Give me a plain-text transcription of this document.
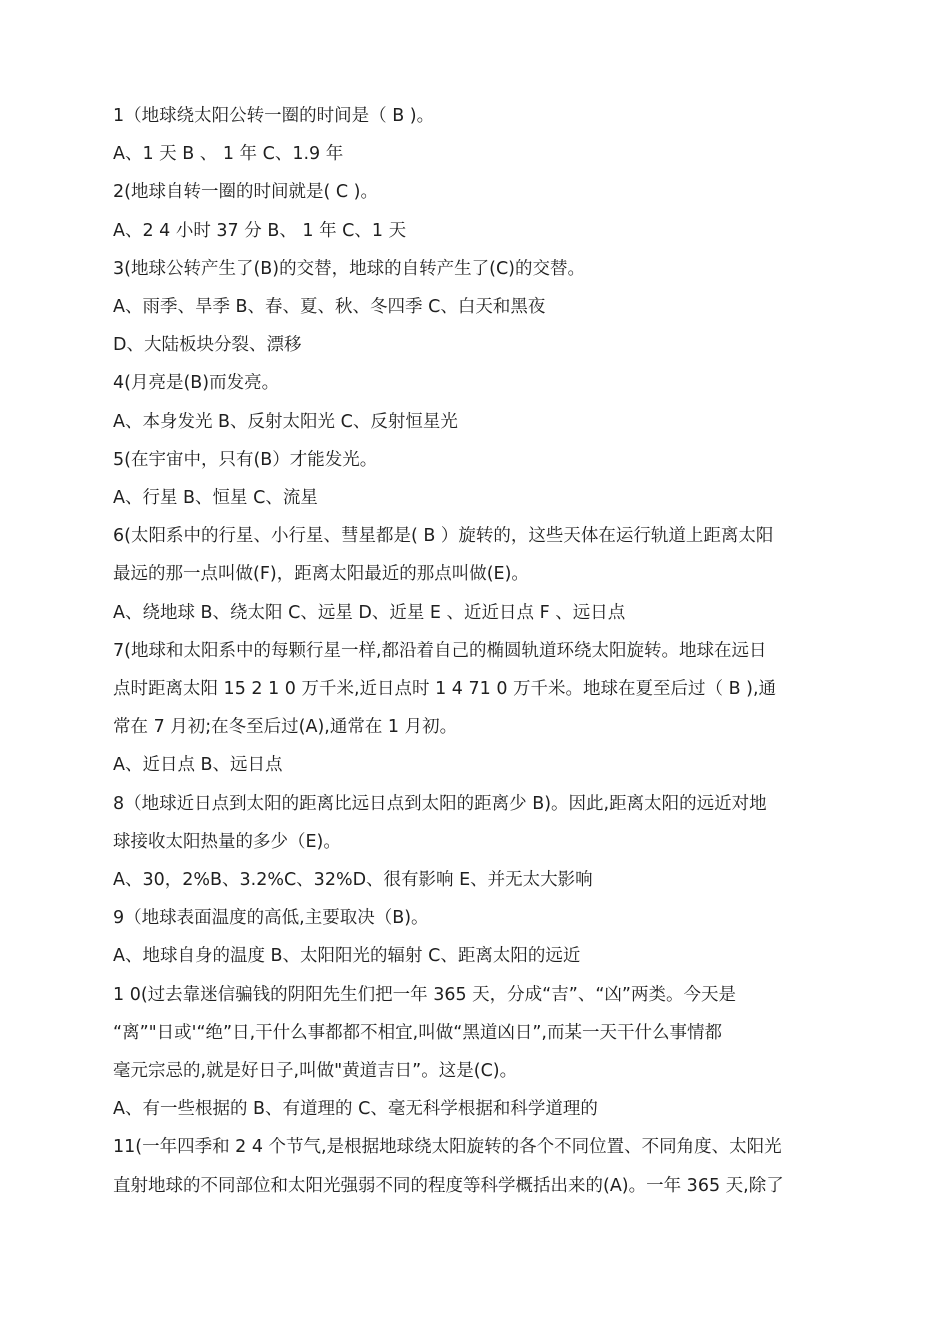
1（地球绕太阳公转一圈的时间是（ B )。
A、1 天 B 、 1 年 C、1.9 年
2(地球自转一圈的时间就是( C )。
A、2 4 小时 37 分 B、 1 年 C、1 天
3(地球公转产生了(B)的交替，地球的自转产生了(C)的交替。
A、雨季、旱季 B、春、夏、秋、冬四季 C、白天和黑夜
D、大陆板块分裂、漂移
4(月亮是(B)而发亮。
A、本身发光 B、反射太阳光 C、反射恒星光
5(在宇宙中，只有(B）才能发光。
A、行星 B、恒星 C、流星
6(太阳系中的行星、小行星、彗星都是( B ）旋转的，这些天体在运行轨道上距离太阳
最远的那一点叫做(F)，距离太阳最近的那点叫做(E)。
A、绕地球 B、绕太阳 C、远星 D、近星 E 、近近日点 F 、远日点
7(地球和太阳系中的每颗行星一样,都沿着自己的椭圆轨道环绕太阳旋转。地球在远日
点时距离太阳 15 2 1 0 万千米,近日点时 1 4 71 0 万千米。地球在夏至后过（ B ),通
常在 7 月初;在冬至后过(A),通常在 1 月初。
A、近日点 B、远日点
8（地球近日点到太阳的距离比远日点到太阳的距离少 B)。因此,距离太阳的远近对地
球接收太阳热量的多少（E)。
A、30，2%B、3.2%C、32%D、很有影响 E、并无太大影响
9（地球表面温度的高低,主要取决（B)。
A、地球自身的温度 B、太阳阳光的辐射 C、距离太阳的远近
1 0(过去靠迷信骗钱的阴阳先生们把一年 365 天，分成“吉”、“凶”两类。今天是
“离”"日或'“绝”日,干什么事都都不相宜,叫做“黑道凶日”,而某一天干什么事情都
毫元宗忌的,就是好日子,叫做"黄道吉日”。这是(C)。
A、有一些根据的 B、有道理的 C、毫无科学根据和科学道理的
11(一年四季和 2 4 个节气,是根据地球绕太阳旋转的各个不同位置、不同角度、太阳光
直射地球的不同部位和太阳光强弱不同的程度等科学概括出来的(A)。一年 365 天,除了
